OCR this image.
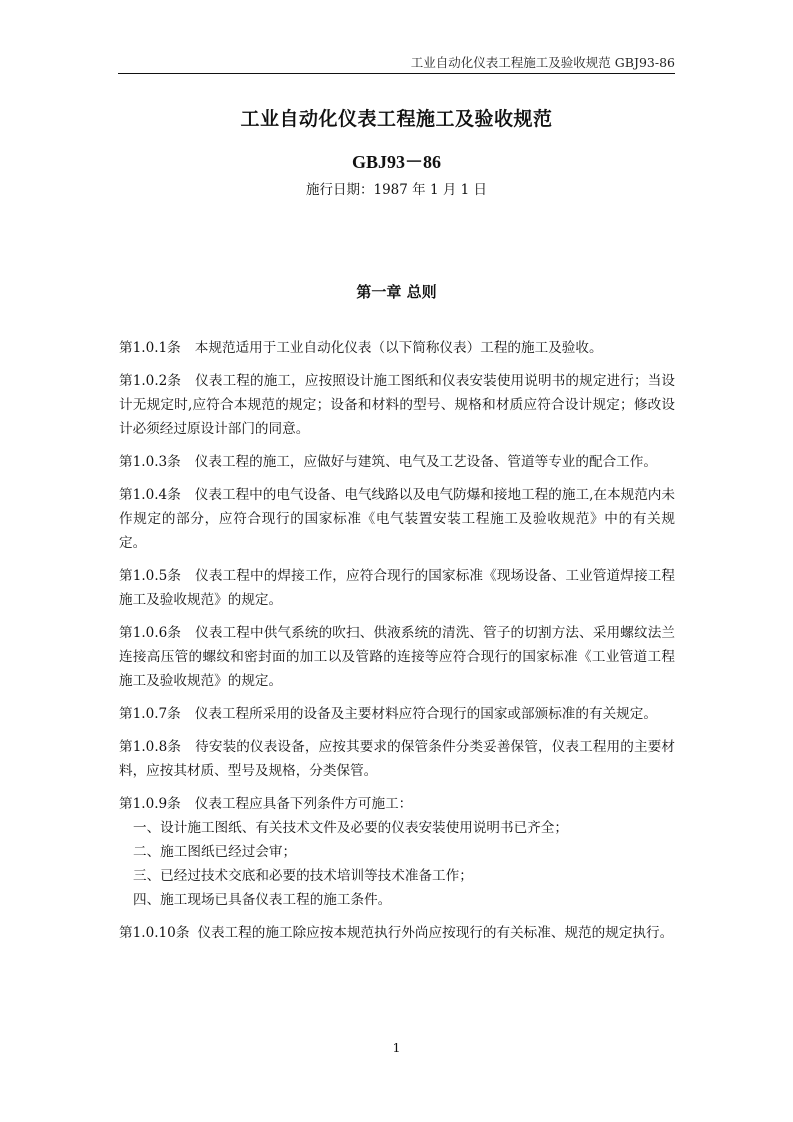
工业自动化仪表工程施工及验收规范 GBJ93-86
工业自动化仪表工程施工及验收规范
GBJ93－86
施行日期：1987 年 1 月 1 日
第一章 总则

第1.0.1条 本规范适用于工业自动化仪表（以下简称仪表）工程的施工及验收。

第1.0.2条 仪表工程的施工，应按照设计施工图纸和仪表安装使用说明书的规定进行；当设计无规定时,应符合本规范的规定；设备和材料的型号、规格和材质应符合设计规定；修改设计必须经过原设计部门的同意。

第1.0.3条 仪表工程的施工，应做好与建筑、电气及工艺设备、管道等专业的配合工作。

第1.0.4条 仪表工程中的电气设备、电气线路以及电气防爆和接地工程的施工,在本规范内未作规定的部分，应符合现行的国家标准《电气装置安装工程施工及验收规范》中的有关规定。

第1.0.5条 仪表工程中的焊接工作，应符合现行的国家标准《现场设备、工业管道焊接工程施工及验收规范》的规定。

第1.0.6条 仪表工程中供气系统的吹扫、供液系统的清洗、管子的切割方法、采用螺纹法兰连接高压管的螺纹和密封面的加工以及管路的连接等应符合现行的国家标准《工业管道工程施工及验收规范》的规定。

第1.0.7条 仪表工程所采用的设备及主要材料应符合现行的国家或部颁标准的有关规定。

第1.0.8条 待安装的仪表设备，应按其要求的保管条件分类妥善保管，仪表工程用的主要材料，应按其材质、型号及规格，分类保管。

第1.0.9条 仪表工程应具备下列条件方可施工：

一、设计施工图纸、有关技术文件及必要的仪表安装使用说明书已齐全；

二、施工图纸已经过会审；

三、已经过技术交底和必要的技术培训等技术准备工作；

四、施工现场已具备仪表工程的施工条件。

第1.0.10条 仪表工程的施工除应按本规范执行外尚应按现行的有关标准、规范的规定执行。

1
